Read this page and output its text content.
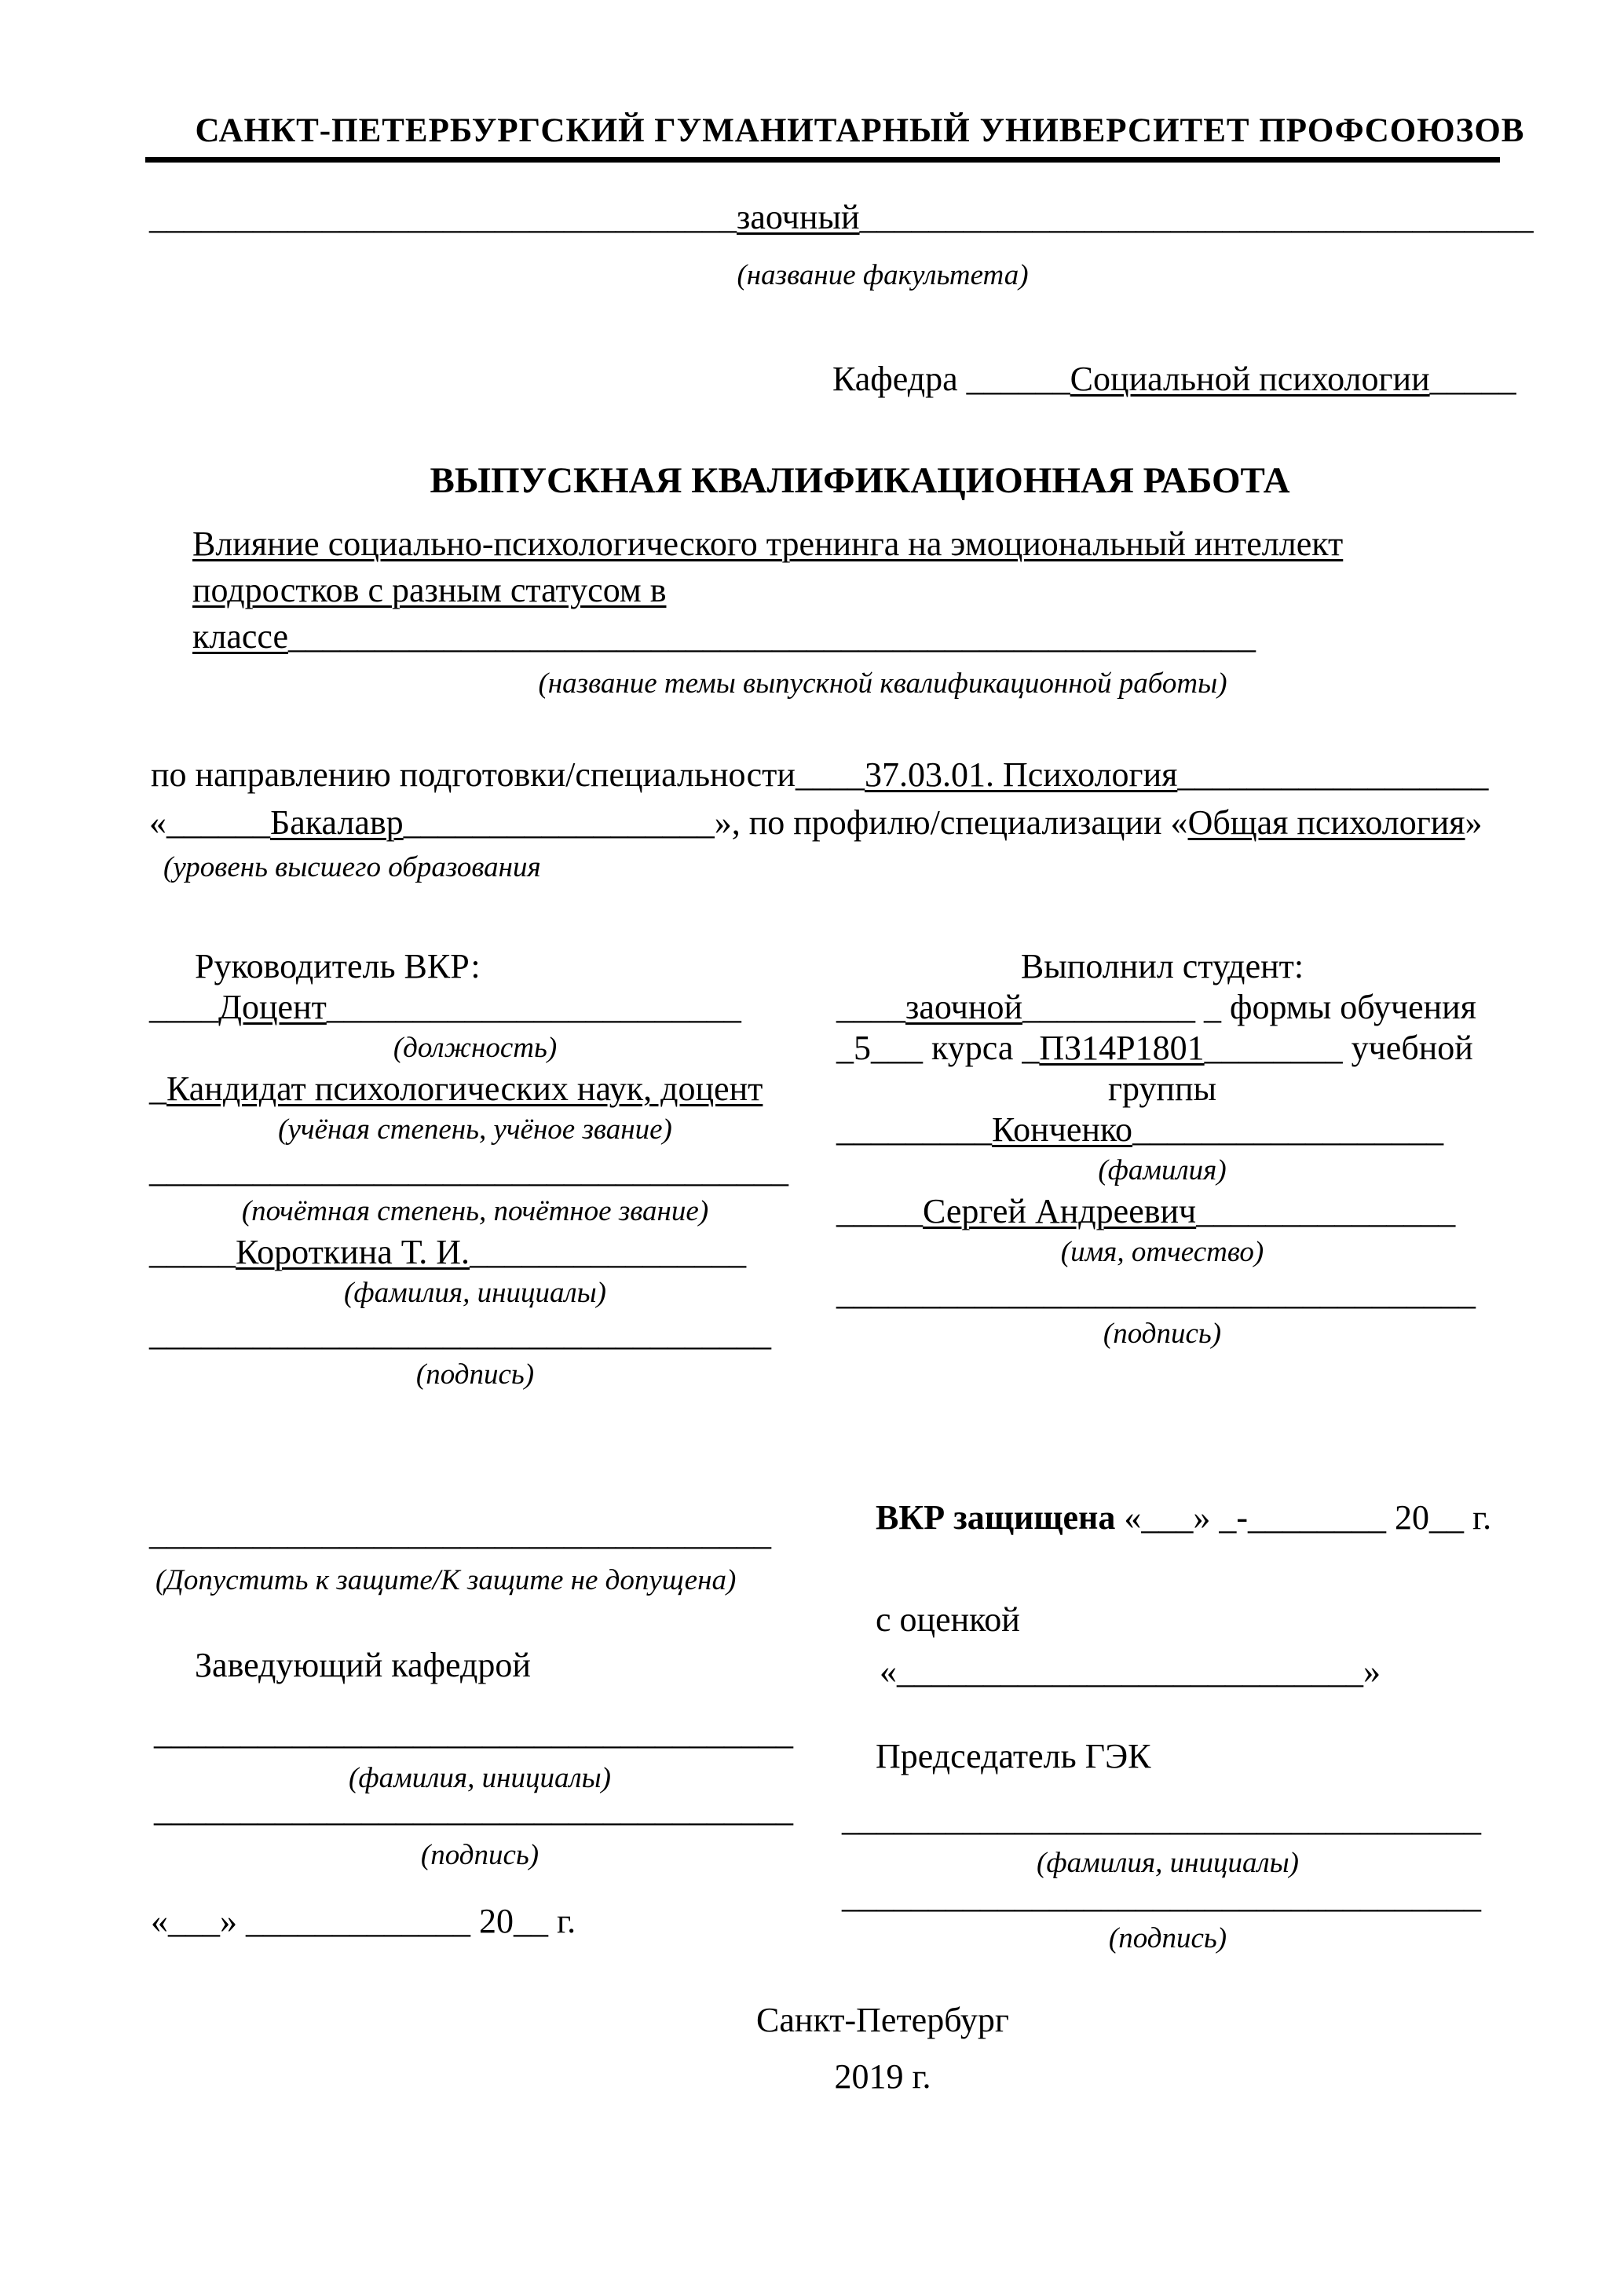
САНКТ-ПЕТЕРБУРГСКИЙ ГУМАНИТАРНЫЙ УНИВЕРСИТЕТ ПРОФСОЮЗОВ
__________________________________заочный_______________________________________
(название факультета)
Кафедра ______Социальной психологии_____
ВЫПУСКНАЯ КВАЛИФИКАЦИОННАЯ РАБОТА
Влияние социально-психологического тренинга на эмоциональный интеллект
подростков с разным статусом в
классе________________________________________________________
(название темы выпускной квалификационной работы)
по направлению подготовки/специальности____37.03.01. Психология__________________
«______Бакалавр__________________», по профилю/специализации «Общая психология»
(уровень высшего образования
Руководитель ВКР:
____Доцент________________________
(должность)
_Кандидат психологических наук, доцент
(учёная степень, учёное звание)
_____________________________________
(почётная степень, почётное звание)
_____Короткина Т. И.________________
(фамилия, инициалы)
____________________________________
(подпись)
Выполнил студент:
____заочной__________ _ формы обучения
_5___ курса _ПЗ14Р1801________ учебной
группы
_________Конченко__________________
(фамилия)
_____Сергей Андреевич_______________
(имя, отчество)
_____________________________________
(подпись)
____________________________________
(Допустить к защите/К защите не допущена)
Заведующий кафедрой
_____________________________________
(фамилия, инициалы)
_____________________________________
(подпись)
«___» _____________ 20__ г.
ВКР защищена «___» _-________ 20__ г.
с оценкой
«___________________________»
Председатель ГЭК
_____________________________________
(фамилия, инициалы)
_____________________________________
(подпись)
Санкт-Петербург
2019 г.
